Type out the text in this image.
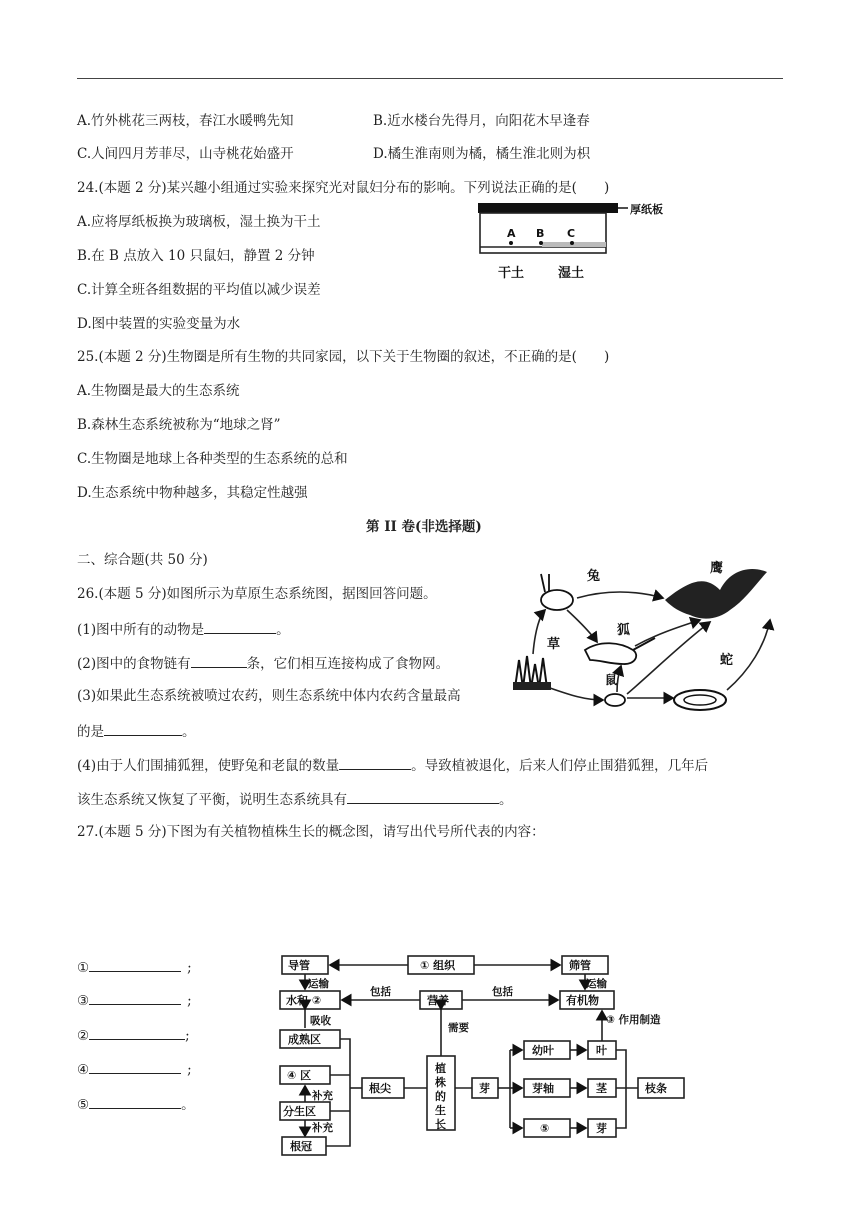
A.竹外桃花三两枝，春江水暖鸭先知	B.近水楼台先得月，向阳花木早逢春
C.人间四月芳菲尽，山寺桃花始盛开	D.橘生淮南则为橘，橘生淮北则为枳
24.(本题 2 分)某兴趣小组通过实验来探究光对鼠妇分布的影响。下列说法正确的是(　　)
A.应将厚纸板换为玻璃板，湿土换为干土
B.在 B 点放入 10 只鼠妇，静置 2 分钟
C.计算全班各组数据的平均值以减少误差
D.图中装置的实验变量为水
厚纸板
A B C
干土	湿土
25.(本题 2 分)生物圈是所有生物的共同家园，以下关于生物圈的叙述，不正确的是(　　)
A.生物圈是最大的生态系统
B.森林生态系统被称为“地球之肾”
C.生物圈是地球上各种类型的生态系统的总和
D.生态系统中物种越多，其稳定性越强
第 II 卷(非选择题)
二、综合题(共 50 分)
26.(本题 5 分)如图所示为草原生态系统图，据图回答问题。
(1)图中所有的动物是	。
(2)图中的食物链有	条，它们相互连接构成了食物网。
(3)如果此生态系统被喷过农药，则生态系统中体内农药含量最高
的是	。
(4)由于人们围捕狐狸，使野兔和老鼠的数量	。导致植被退化，后来人们停止围猎狐狸，几年后
该生态系统又恢复了平衡，说明生态系统具有	。
兔
鹰
草
狐
蛇
鼠
27.(本题 5 分)下图为有关植物植株生长的概念图，请写出代号所代表的内容：
①	;
③	;
②	;
④	;
⑤	。
导管	① 组织	筛管
运输	运输
水和 ②	营养	有机物
包括	包括
吸收
成熟区
④ 区
补充
分生区
补充
根冠
根尖
需要
植
株
的
生
长
芽
幼叶
芽轴
⑤
叶
茎
芽
③ 作用制造
枝条
